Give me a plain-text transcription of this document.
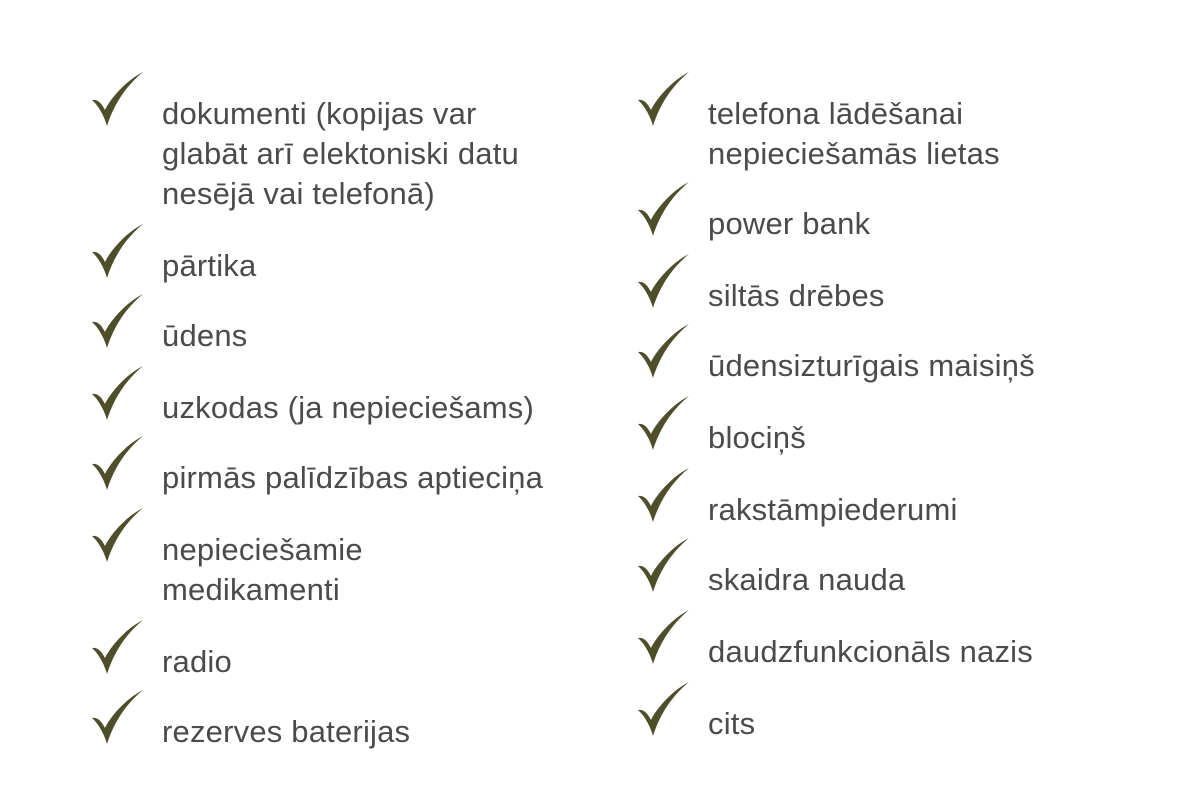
dokumenti (kopijas var
glabāt arī elektoniski datu
nesējā vai telefonā)
pārtika
ūdens
uzkodas (ja nepieciešams)
pirmās palīdzības aptieciņa
nepieciešamie
medikamenti
radio
rezerves baterijas
telefona lādēšanai
nepieciešamās lietas
power bank
siltās drēbes
ūdensizturīgais maisiņš
blociņš
rakstāmpiederumi
skaidra nauda
daudzfunkcionāls nazis
cits
